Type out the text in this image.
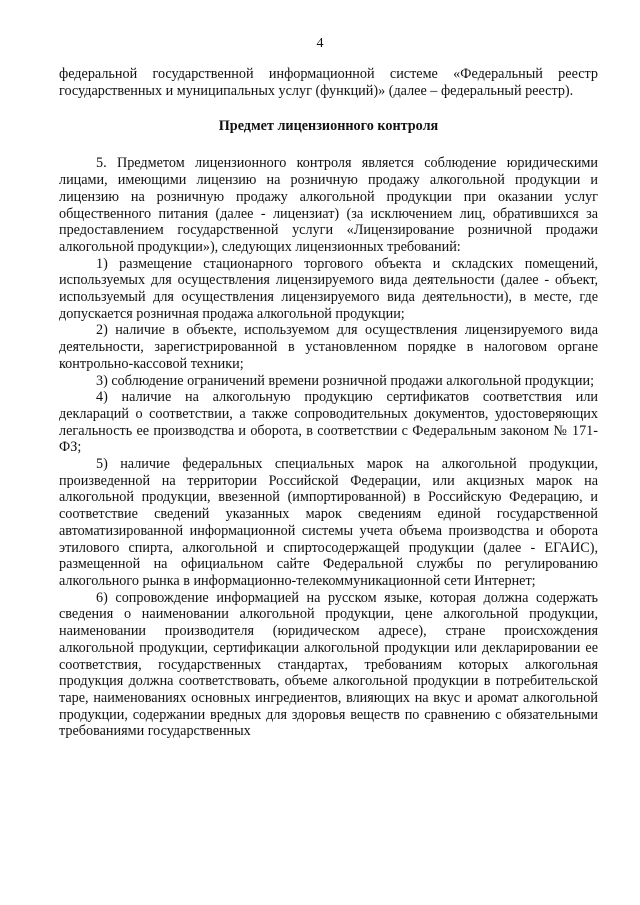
4

федеральной государственной информационной системе «Федеральный реестр государственных и муниципальных услуг (функций)» (далее – федеральный реестр).

Предмет лицензионного контроля

5. Предметом лицензионного контроля является соблюдение юридическими лицами, имеющими лицензию на розничную продажу алкогольной продукции и лицензию на розничную продажу алкогольной продукции при оказании услуг общественного питания (далее - лицензиат) (за исключением лиц, обратившихся за предоставлением государственной услуги «Лицензирование розничной продажи алкогольной продукции»), следующих лицензионных требований:

1) размещение стационарного торгового объекта и складских помещений, используемых для осуществления лицензируемого вида деятельности (далее - объект, используемый для осуществления лицензируемого вида деятельности), в месте, где допускается розничная продажа алкогольной продукции;

2) наличие в объекте, используемом для осуществления лицензируемого вида деятельности, зарегистрированной в установленном порядке в налоговом органе контрольно-кассовой техники;

3) соблюдение ограничений времени розничной продажи алкогольной продукции;

4) наличие на алкогольную продукцию сертификатов соответствия или деклараций о соответствии, а также сопроводительных документов, удостоверяющих легальность ее производства и оборота, в соответствии с Федеральным законом № 171-ФЗ;

5) наличие федеральных специальных марок на алкогольной продукции, произведенной на территории Российской Федерации, или акцизных марок на алкогольной продукции, ввезенной (импортированной) в Российскую Федерацию, и соответствие сведений указанных марок сведениям единой государственной автоматизированной информационной системы учета объема производства и оборота этилового спирта, алкогольной и спиртосодержащей продукции (далее - ЕГАИС), размещенной на официальном сайте Федеральной службы по регулированию алкогольного рынка в информационно-телекоммуникационной сети Интернет;

6) сопровождение информацией на русском языке, которая должна содержать сведения о наименовании алкогольной продукции, цене алкогольной продукции, наименовании производителя (юридическом адресе), стране происхождения алкогольной продукции, сертификации алкогольной продукции или декларировании ее соответствия, государственных стандартах, требованиям которых алкогольная продукция должна соответствовать, объеме алкогольной продукции в потребительской таре, наименованиях основных ингредиентов, влияющих на вкус и аромат алкогольной продукции, содержании вредных для здоровья веществ по сравнению с обязательными требованиями государственных
